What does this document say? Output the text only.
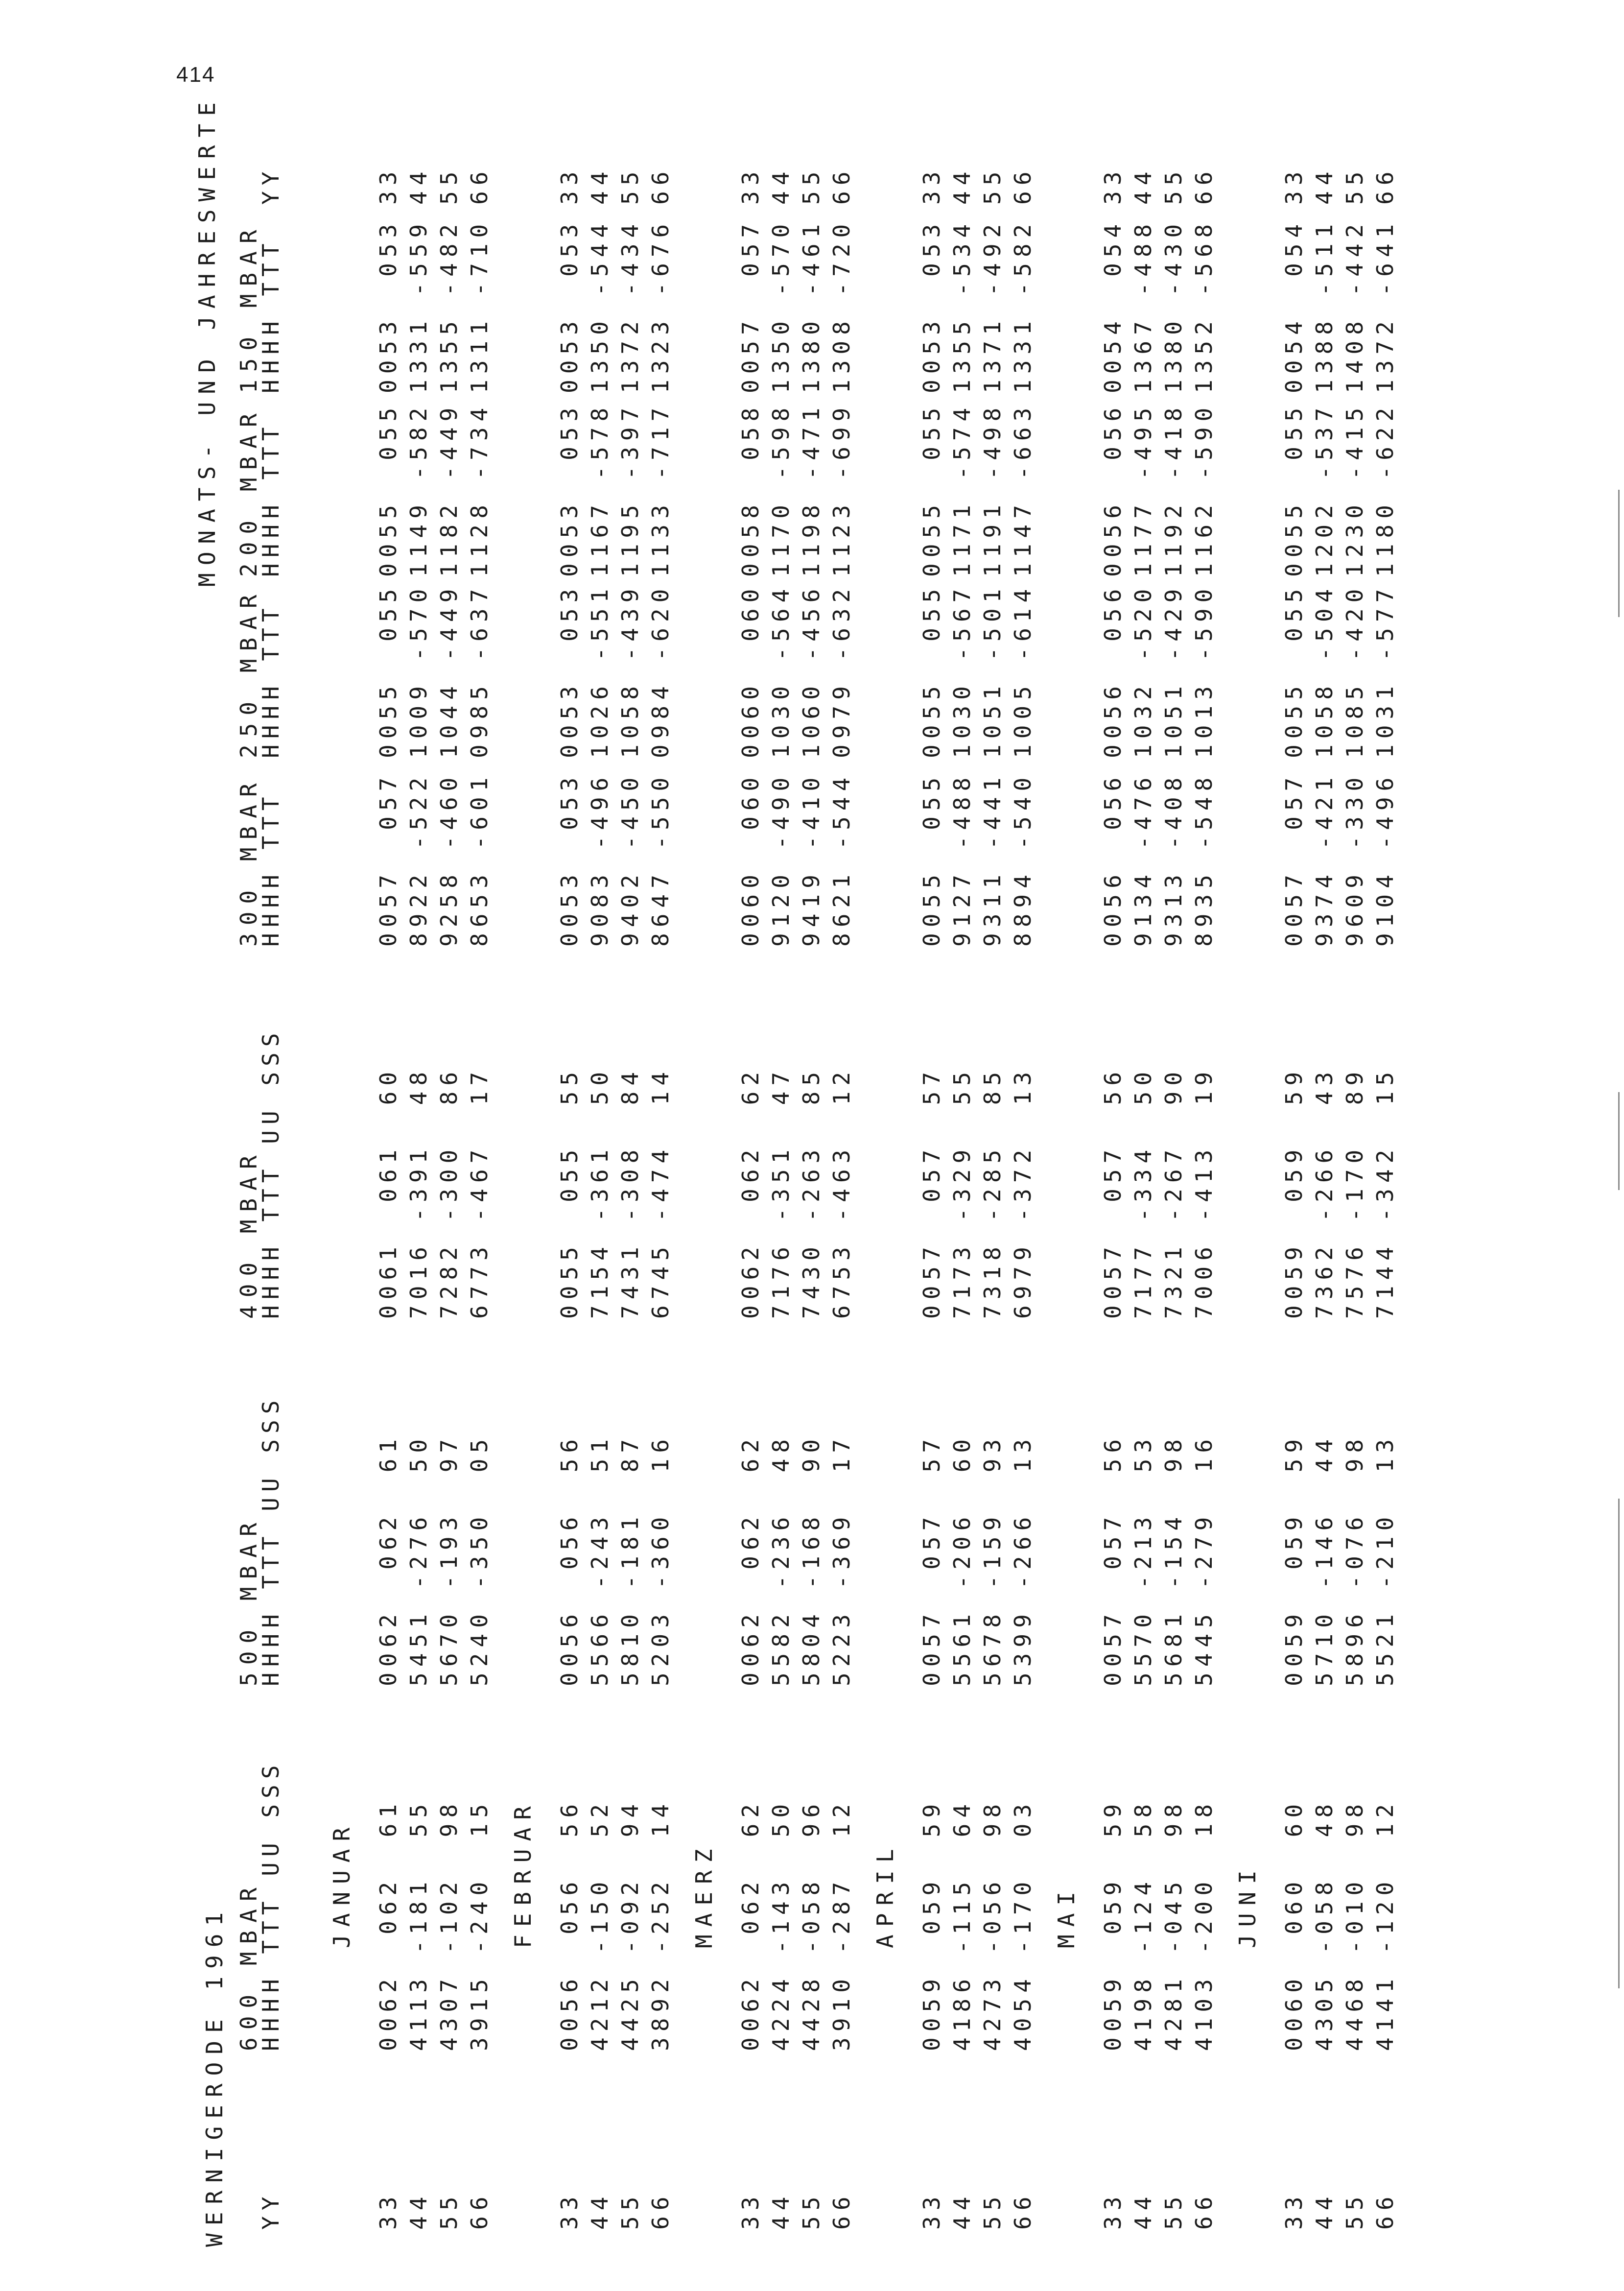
414
WERNIGERODE 1961
MONATS- UND JAHRESWERTE
YY
YY
600 MBAR
HHHH TTT UU SSS
500 MBAR
HHHH TTT UU SSS
400 MBAR
HHHH TTT UU SSS
300 MBAR
HHHH TTT
250 MBAR
HHHH TTT
200 MBAR
HHHH TTT
150 MBAR
HHHH TTT
JANUAR
33
0062  062  61
0062  062  61
0061  061  60
0057  057
0055  055
0055  055
0053  053
33
44
4113 -181  55
5451 -276  50
7016 -391  48
8922 -522
1009 -570
1149 -582
1331 -559
44
55
4307 -102  98
5670 -193  97
7282 -300  86
9258 -460
1044 -449
1182 -449
1355 -482
55
66
3915 -240  15
5240 -350  05
6773 -467  17
8653 -601
0985 -637
1128 -734
1311 -710
66
FEBRUAR
33
0056  056  56
0056  056  56
0055  055  55
0053  053
0053  053
0053  053
0053  053
33
44
4212 -150  52
5566 -243  51
7154 -361  50
9083 -496
1026 -551
1167 -578
1350 -544
44
55
4425 -092  94
5810 -181  87
7431 -308  84
9402 -450
1058 -439
1195 -397
1372 -434
55
66
3892 -252  14
5203 -360  16
6745 -474  14
8647 -550
0984 -620
1133 -717
1323 -676
66
MAERZ
33
0062  062  62
0062  062  62
0062  062  62
0060  060
0060  060
0058  058
0057  057
33
44
4224 -143  50
5582 -236  48
7176 -351  47
9120 -490
1030 -564
1170 -598
1350 -570
44
55
4428 -058  96
5804 -168  90
7430 -263  85
9419 -410
1060 -456
1198 -471
1380 -461
55
66
3910 -287  12
5223 -369  17
6753 -463  12
8621 -544
0979 -632
1123 -699
1308 -720
66
APRIL
33
0059  059  59
0057  057  57
0057  057  57
0055  055
0055  055
0055  055
0053  053
33
44
4186 -115  64
5561 -206  60
7173 -329  55
9127 -488
1030 -567
1171 -574
1355 -534
44
55
4273 -056  98
5678 -159  93
7318 -285  85
9311 -441
1051 -501
1191 -498
1371 -492
55
66
4054 -170  03
5399 -266  13
6979 -372  13
8894 -540
1005 -614
1147 -663
1331 -582
66
MAI
33
0059  059  59
0057  057  56
0057  057  56
0056  056
0056  056
0056  056
0054  054
33
44
4198 -124  58
5570 -213  53
7177 -334  50
9134 -476
1032 -520
1177 -495
1367 -488
44
55
4281 -045  98
5681 -154  98
7321 -267  90
9313 -408
1051 -429
1192 -418
1380 -430
55
66
4103 -200  18
5445 -279  16
7006 -413  19
8935 -548
1013 -590
1162 -590
1352 -568
66
JUNI
33
0060  060  60
0059  059  59
0059  059  59
0057  057
0055  055
0055  055
0054  054
33
44
4305 -058  48
5710 -146  44
7362 -266  43
9374 -421
1058 -504
1202 -537
1388 -511
44
55
4468 -010  98
5896 -076  98
7576 -170  89
9609 -330
1085 -420
1230 -415
1408 -442
55
66
4141 -120  12
5521 -210  13
7144 -342  15
9104 -496
1031 -577
1180 -622
1372 -641
66
